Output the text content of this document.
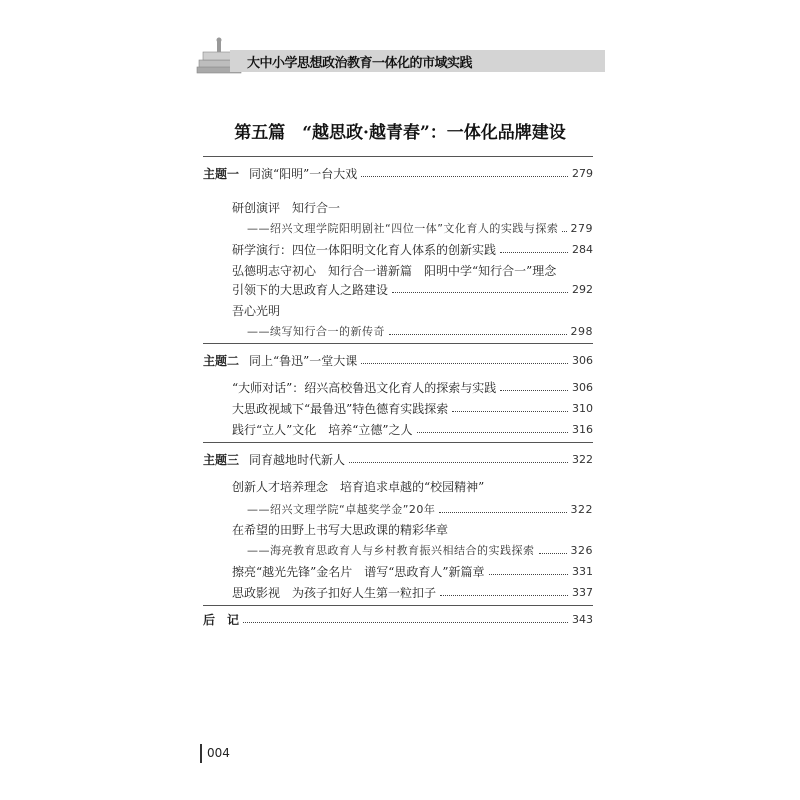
大中小学思想政治教育一体化的市域实践
第五篇　“越思政·越青春”：一体化品牌建设
主题一 同演“阳明”一台大戏	279
研创演评　知行合一
——绍兴文理学院阳明剧社“四位一体”文化育人的实践与探索 279
研学演行：四位一体阳明文化育人体系的创新实践	284
弘德明志守初心　知行合一谱新篇　阳明中学“知行合一”理念
引领下的大思政育人之路建设	292
吾心光明
——续写知行合一的新传奇	298
主题二 同上“鲁迅”一堂大课	306
“大师对话”：绍兴高校鲁迅文化育人的探索与实践	306
大思政视域下“最鲁迅”特色德育实践探索	310
践行“立人”文化　培养“立德”之人	316
主题三 同育越地时代新人	322
创新人才培养理念　培育追求卓越的“校园精神”
——绍兴文理学院“卓越奖学金”20年	322
在希望的田野上书写大思政课的精彩华章
——海亮教育思政育人与乡村教育振兴相结合的实践探索	326
擦亮“越光先锋”金名片　谱写“思政育人”新篇章	331
思政影视　为孩子扣好人生第一粒扣子	337
后　记	343
004
